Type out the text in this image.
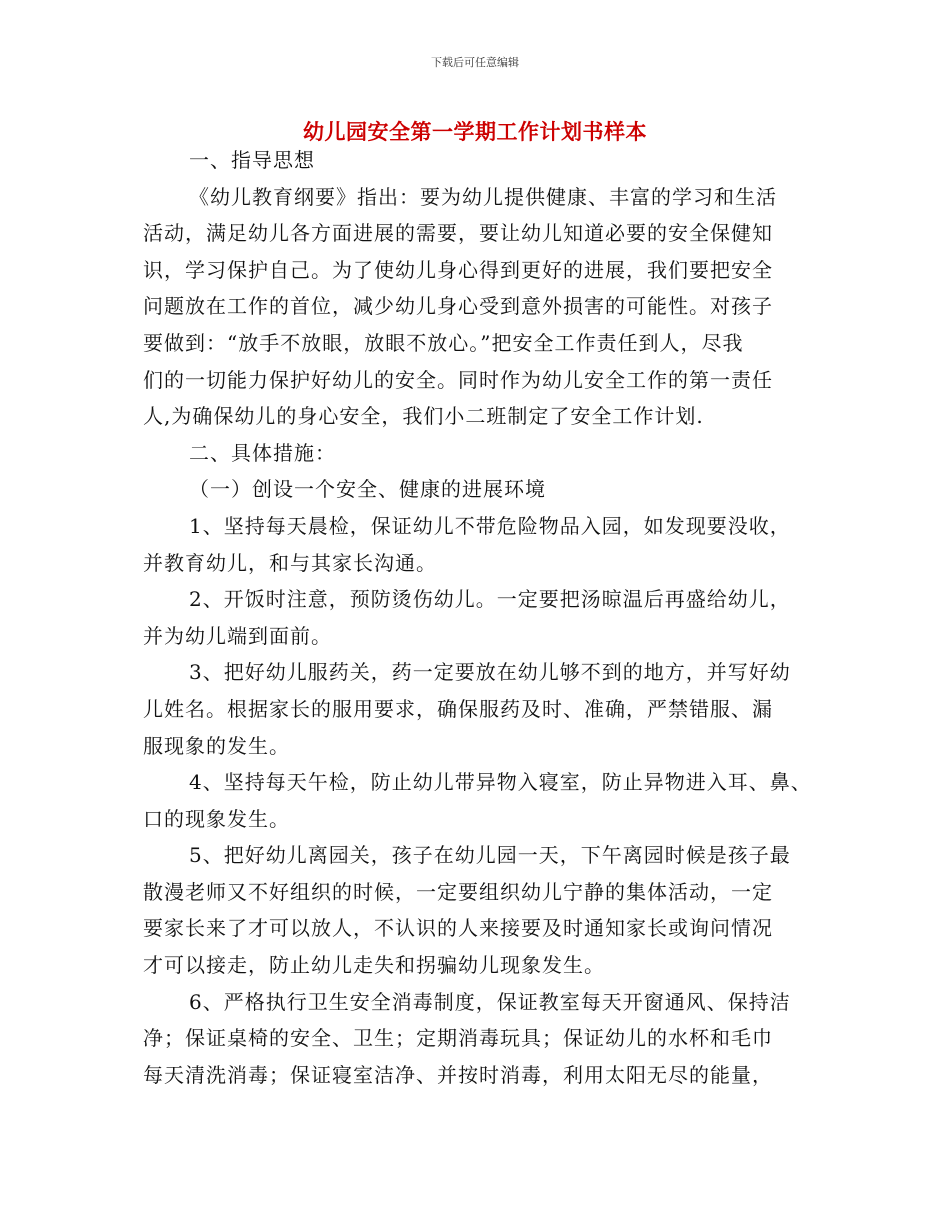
下载后可任意编辑
幼儿园安全第一学期工作计划书样本
一、指导思想
《幼儿教育纲要》指出：要为幼儿提供健康、丰富的学习和生活
活动，满足幼儿各方面进展的需要，要让幼儿知道必要的安全保健知
识，学习保护自己。为了使幼儿身心得到更好的进展，我们要把安全
问题放在工作的首位，减少幼儿身心受到意外损害的可能性。对孩子
要做到：“放手不放眼，放眼不放心。”把安全工作责任到人，尽我
们的一切能力保护好幼儿的安全。同时作为幼儿安全工作的第一责任
人,为确保幼儿的身心安全，我们小二班制定了安全工作计划.
二、具体措施：
（一）创设一个安全、健康的进展环境
1、坚持每天晨检，保证幼儿不带危险物品入园，如发现要没收，
并教育幼儿，和与其家长沟通。
2、开饭时注意，预防烫伤幼儿。一定要把汤晾温后再盛给幼儿，
并为幼儿端到面前。
3、把好幼儿服药关，药一定要放在幼儿够不到的地方，并写好幼
儿姓名。根据家长的服用要求，确保服药及时、准确，严禁错服、漏
服现象的发生。
4、坚持每天午检，防止幼儿带异物入寝室，防止异物进入耳、鼻、
口的现象发生。
5、把好幼儿离园关，孩子在幼儿园一天，下午离园时候是孩子最
散漫老师又不好组织的时候，一定要组织幼儿宁静的集体活动，一定
要家长来了才可以放人，不认识的人来接要及时通知家长或询问情况
才可以接走，防止幼儿走失和拐骗幼儿现象发生。
6、严格执行卫生安全消毒制度，保证教室每天开窗通风、保持洁
净；保证桌椅的安全、卫生；定期消毒玩具；保证幼儿的水杯和毛巾
每天清洗消毒；保证寝室洁净、并按时消毒，利用太阳无尽的能量，
